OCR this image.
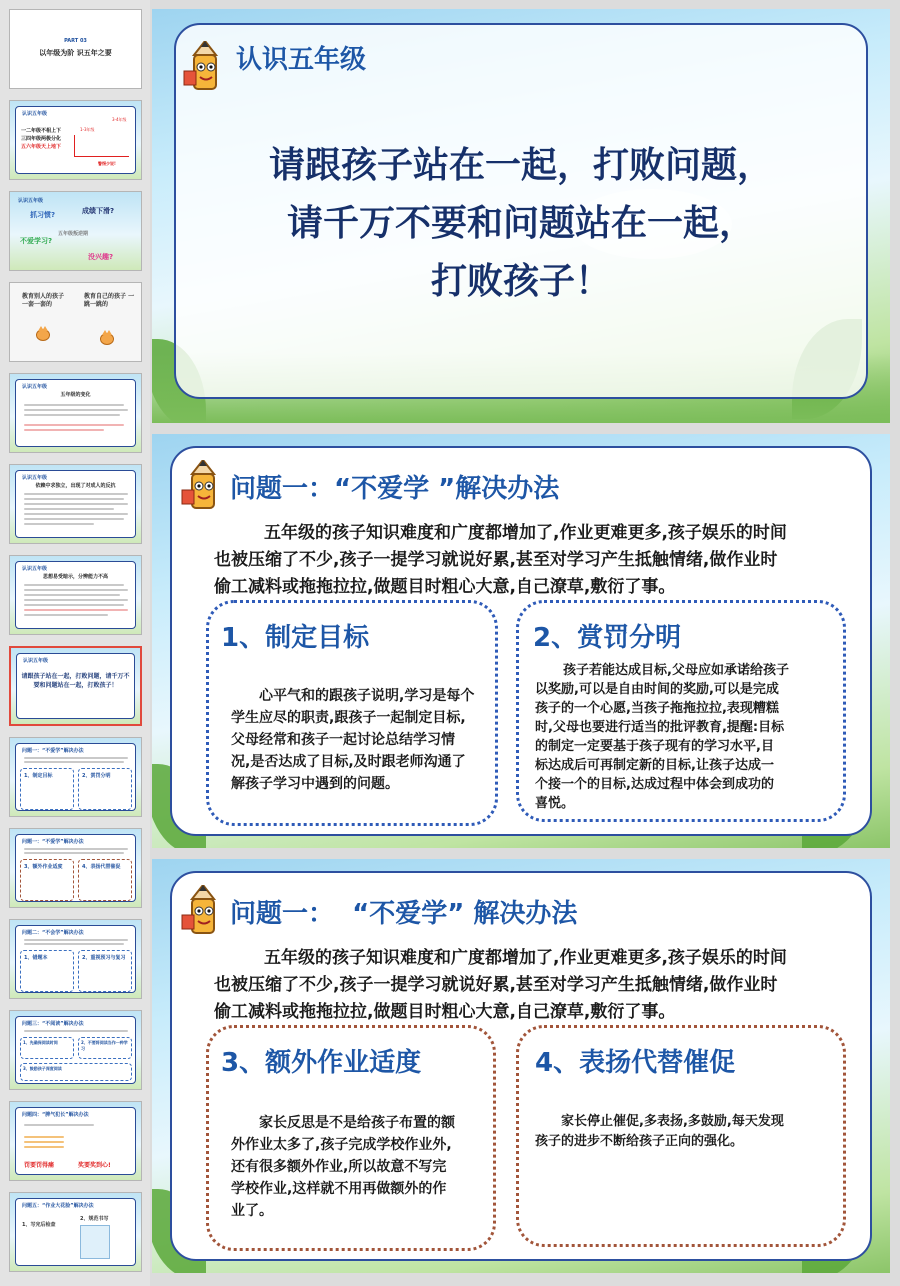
PART 03
以年级为阶 识五年之要
认识五年级
一二年级不相上下
三四年级两极分化
五六年级天上地下
1-3年级
3-4年级
警惕少说!
认识五年级
抓习惯?	成绩下滑?
五年级叛逆期
不爱学习?
没兴趣?
教育别人的孩子 一套一套的
教育自己的孩子 一跳一跳的
认识五年级
五年级的变化
认识五年级
依赖中求独立，出现了对成人的反抗
认识五年级
思想易受暗示，分辨能力不高
认识五年级
请跟孩子站在一起，打败问题，请千万不要和问题站在一起，打败孩子！
问题一：“不爱学”解决办法
1、制定目标	2、赏罚分明
问题一：“不爱学”解决办法
3、额外作业适度	4、表扬代替催促
问题二：“不会学”解决办法
1、错题本	2、重视预习与复习
问题三：“不阅读”解决办法
1、先确保阅读时间	2、不要将阅读当作一种学习
3、鼓励孩子深度阅读
问题四：“脾气犯长”解决办法
罚要罚得痛	奖要奖到心!
问题五：“作业大花脸”解决办法
1、写完后检查
2、规范书写
认识五年级
请跟孩子站在一起，打败问题，
请千万不要和问题站在一起，
打败孩子！
问题一：“不爱学 ”解决办法
五年级的孩子知识难度和广度都增加了,作业更难更多,孩子娱乐的时间
也被压缩了不少,孩子一提学习就说好累,甚至对学习产生抵触情绪,做作业时
偷工减料或拖拖拉拉,做题目时粗心大意,自己潦草,敷衍了事。
1、制定目标
心平气和的跟孩子说明,学习是每个
学生应尽的职责,跟孩子一起制定目标,
父母经常和孩子一起讨论总结学习情
况,是否达成了目标,及时跟老师沟通了
解孩子学习中遇到的问题。
2、赏罚分明
孩子若能达成目标,父母应如承诺给孩子
以奖励,可以是自由时间的奖励,可以是完成
孩子的一个心愿,当孩子拖拖拉拉,表现糟糕
时,父母也要进行适当的批评教育,提醒:目标
的制定一定要基于孩子现有的学习水平,目
标达成后可再制定新的目标,让孩子达成一
个接一个的目标,达成过程中体会到成功的
喜悦。
问题一：  “不爱学” 解决办法
五年级的孩子知识难度和广度都增加了,作业更难更多,孩子娱乐的时间
也被压缩了不少,孩子一提学习就说好累,甚至对学习产生抵触情绪,做作业时
偷工减料或拖拖拉拉,做题目时粗心大意,自己潦草,敷衍了事。
3、额外作业适度
家长反思是不是给孩子布置的额
外作业太多了,孩子完成学校作业外,
还有很多额外作业,所以故意不写完
学校作业,这样就不用再做额外的作
业了。
4、表扬代替催促
家长停止催促,多表扬,多鼓励,每天发现
孩子的进步不断给孩子正向的强化。
